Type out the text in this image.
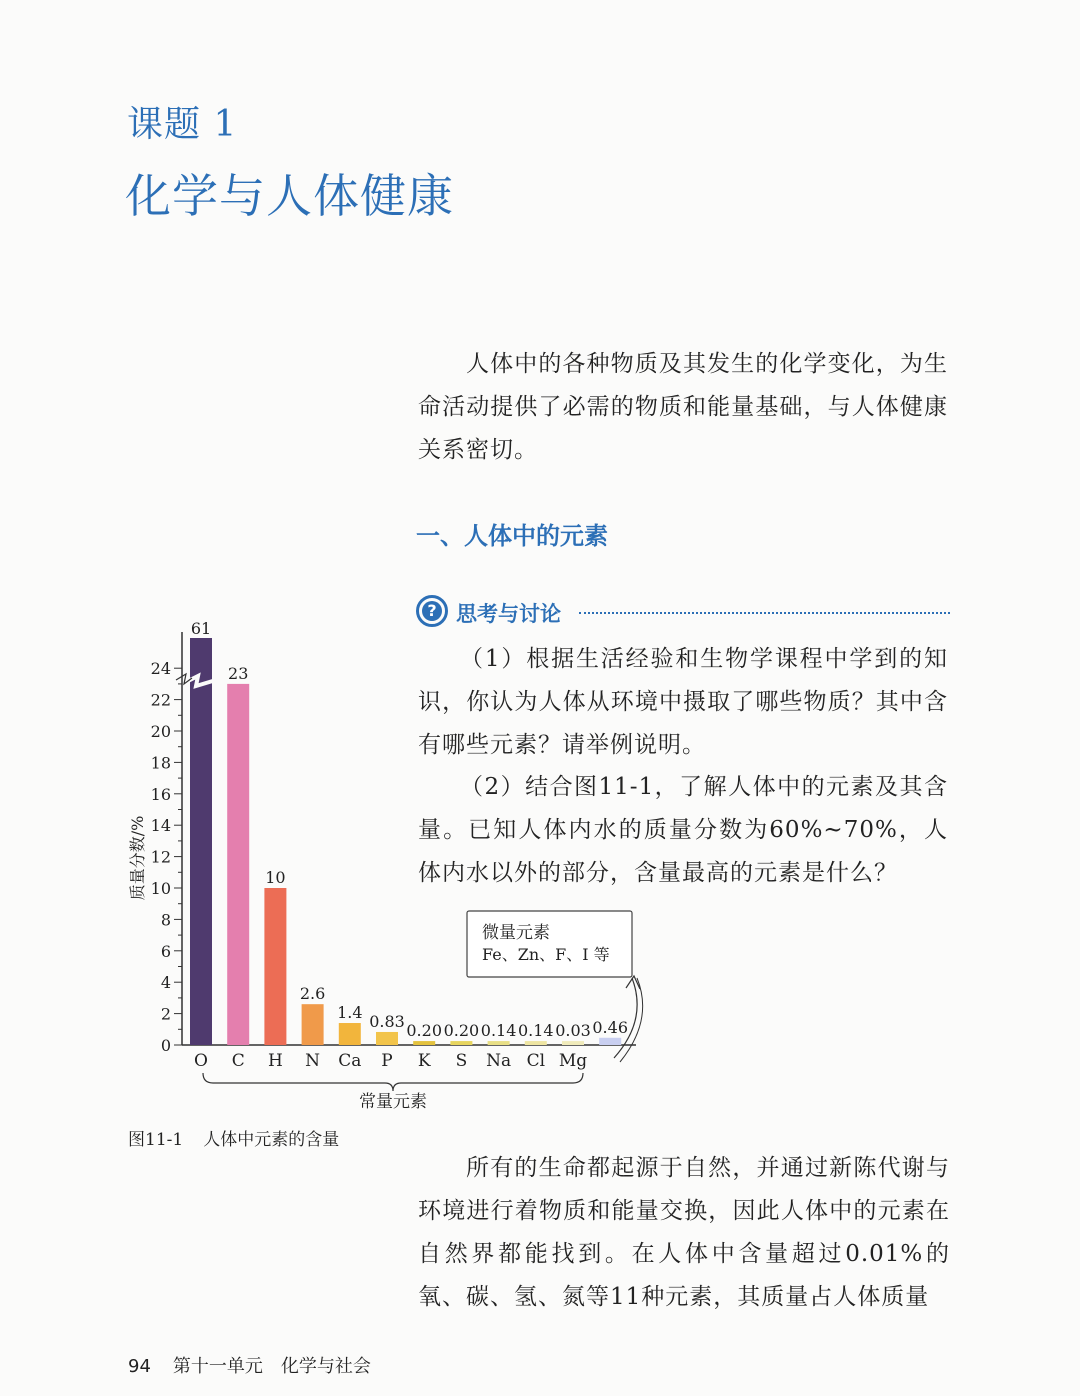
课题 1
化学与人体健康
人体中的各种物质及其发生的化学变化，为生命活动提供了必需的物质和能量基础，与人体健康关系密切。
一、人体中的元素
? 思考与讨论
（1）根据生活经验和生物学课程中学到的知识，你认为人体从环境中摄取了哪些物质？其中含有哪些元素？请举例说明。
（2）结合图11-1，了解人体中的元素及其含量。已知人体内水的质量分数为60%~70%，人体内水以外的部分，含量最高的元素是什么？
0
2
4
6
8
10
12
14
16
18
20
22
24
质量分数/%
61
O
23
C
10
H
2.6
N
1.4
Ca
0.83
P
0.20
K
0.20
S
0.14
Na
0.14
Cl
0.03
Mg
0.46
常量元素
微量元素
Fe、Zn、F、I 等
图11-1 人体中元素的含量
所有的生命都起源于自然，并通过新陈代谢与环境进行着物质和能量交换，因此人体中的元素在自然界都能找到。在人体中含量超过0.01%的氧、碳、氢、氮等11种元素，其质量占人体质量
94 第十一单元 化学与社会
